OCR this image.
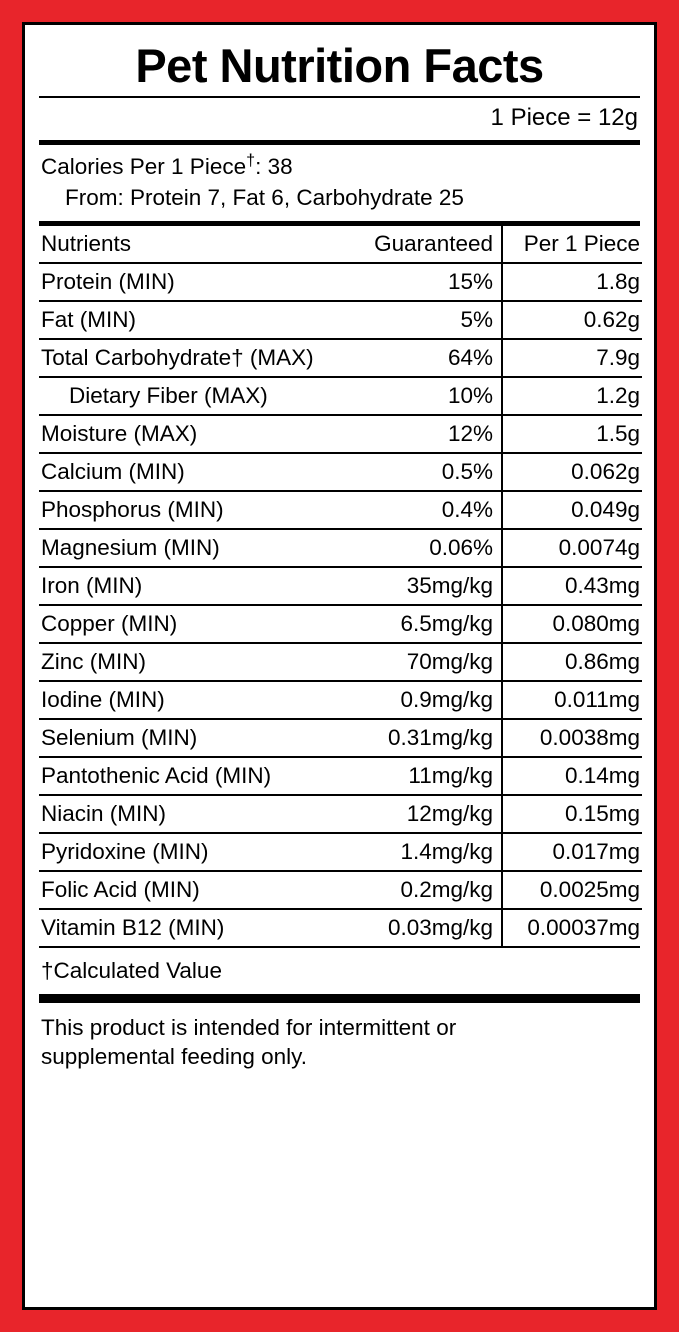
Pet Nutrition Facts
1 Piece = 12g
Calories Per 1 Piece†: 38
From: Protein 7, Fat 6, Carbohydrate 25
Nutrients	Guaranteed	Per 1 Piece
Protein (MIN)	15%	1.8g
Fat (MIN)	5%	0.62g
Total Carbohydrate† (MAX)	64%	7.9g
Dietary Fiber (MAX)	10%	1.2g
Moisture (MAX)	12%	1.5g
Calcium (MIN)	0.5%	0.062g
Phosphorus (MIN)	0.4%	0.049g
Magnesium (MIN)	0.06%	0.0074g
Iron (MIN)	35mg/kg	0.43mg
Copper (MIN)	6.5mg/kg	0.080mg
Zinc (MIN)	70mg/kg	0.86mg
Iodine (MIN)	0.9mg/kg	0.011mg
Selenium (MIN)	0.31mg/kg	0.0038mg
Pantothenic Acid (MIN)	11mg/kg	0.14mg
Niacin (MIN)	12mg/kg	0.15mg
Pyridoxine (MIN)	1.4mg/kg	0.017mg
Folic Acid (MIN)	0.2mg/kg	0.0025mg
Vitamin B12 (MIN)	0.03mg/kg	0.00037mg
†Calculated Value
This product is intended for intermittent or
supplemental feeding only.
